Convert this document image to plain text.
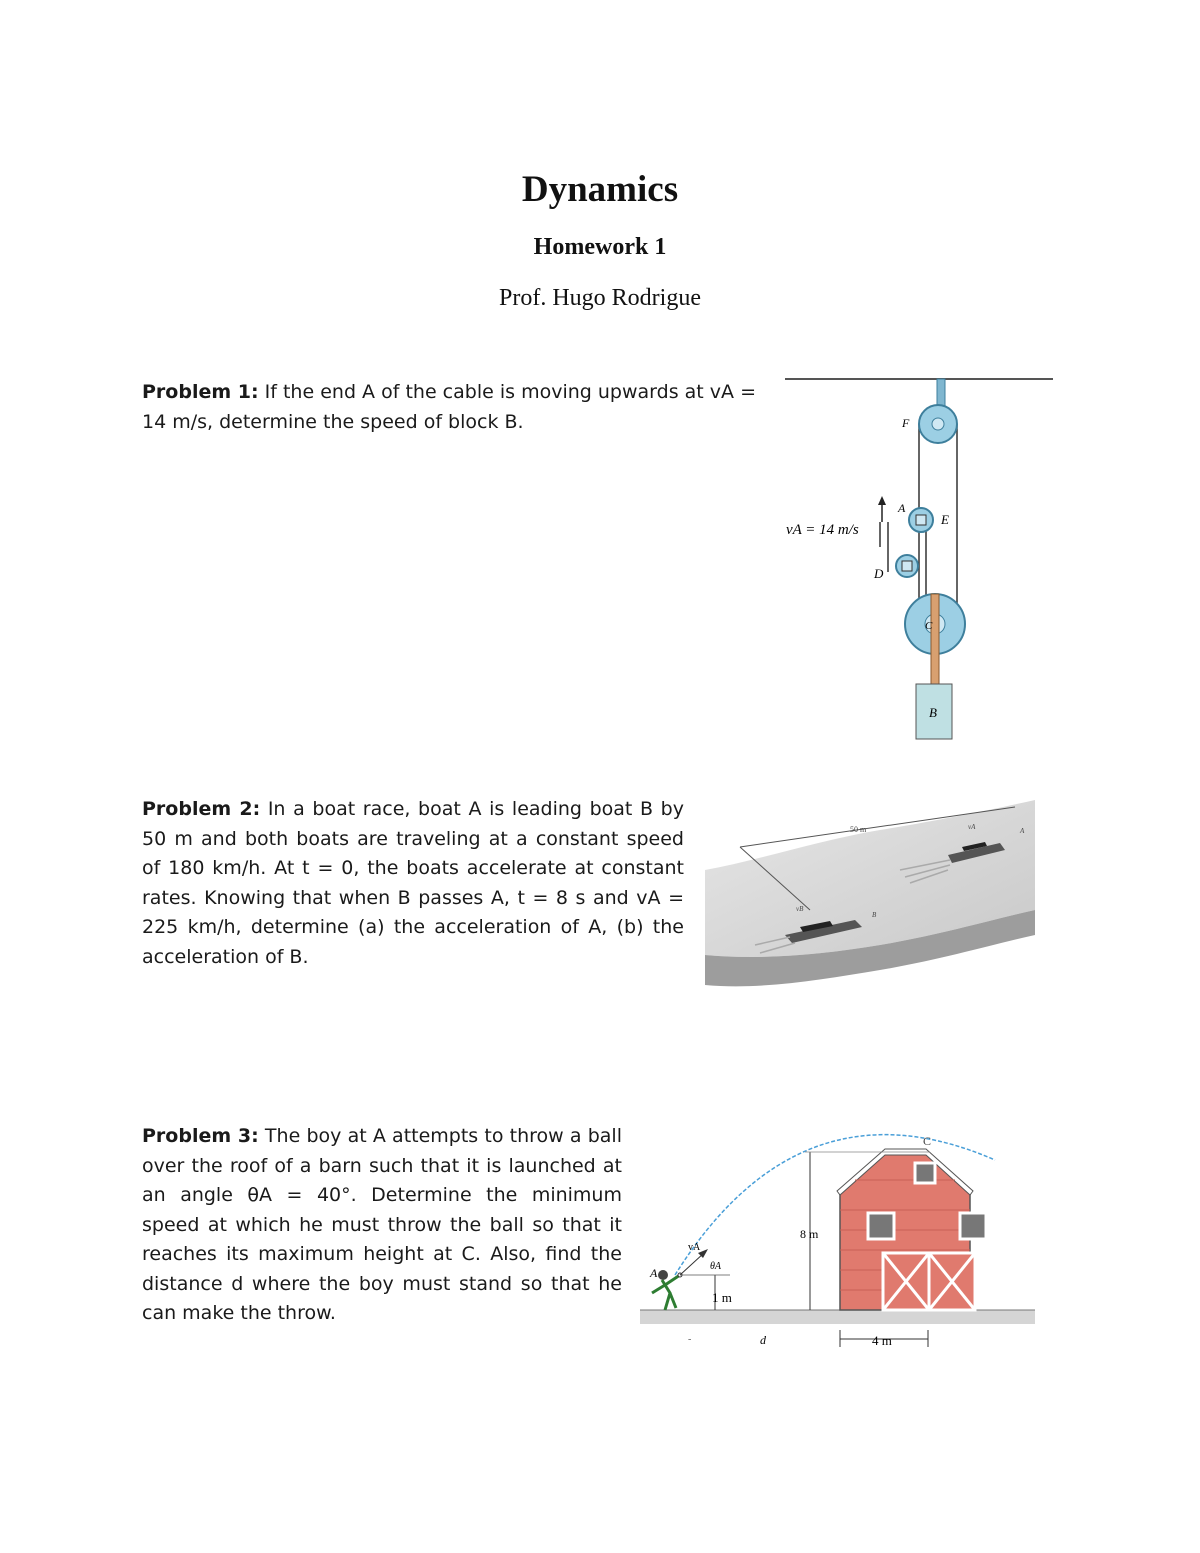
Dynamics
Homework 1
Prof. Hugo Rodrigue
Problem 1: If the end A of the cable is moving upwards at vA = 14 m/s, determine the speed of block B.
vA = 14 m/s
F
A
E
D
C
B
Problem 2: In a boat race, boat A is leading boat B by 50 m and both boats are traveling at a constant speed of 180 km/h. At t = 0, the boats accelerate at constant rates. Knowing that when B passes A, t = 8 s and vA = 225 km/h, determine (a) the acceleration of A, (b) the acceleration of B.
50 m	vA	A
vB
B
Problem 3: The boy at A attempts to throw a ball over the roof of a barn such that it is launched at an angle θA = 40°. Determine the minimum speed at which he must throw the ball so that it reaches its maximum height at C. Also, find the distance d where the boy must stand so that he can make the throw.
8 m
1 m
4 m
d
-
C
A
vA
θA
